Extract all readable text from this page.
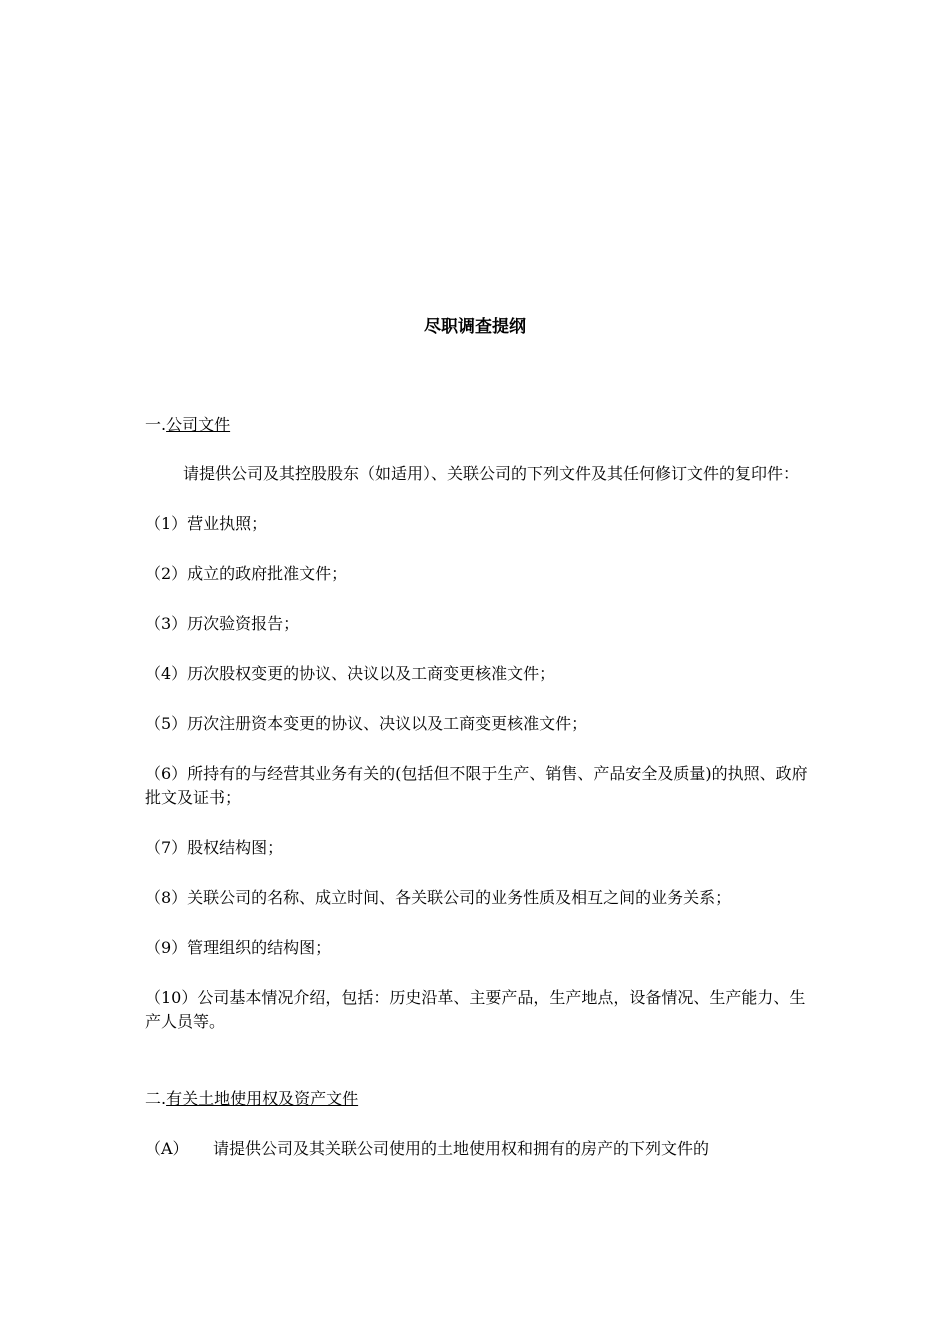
尽职调查提纲

一.公司文件

请提供公司及其控股股东（如适用）、关联公司的下列文件及其任何修订文件的复印件：

（1）营业执照；

（2）成立的政府批准文件；

（3）历次验资报告；

（4）历次股权变更的协议、决议以及工商变更核准文件；

（5）历次注册资本变更的协议、决议以及工商变更核准文件；

（6）所持有的与经营其业务有关的(包括但不限于生产、销售、产品安全及质量)的执照、政府批文及证书；

（7）股权结构图；

（8）关联公司的名称、成立时间、各关联公司的业务性质及相互之间的业务关系；

（9）管理组织的结构图；

（10）公司基本情况介绍，包括：历史沿革、主要产品，生产地点，设备情况、生产能力、生产人员等。

二.有关土地使用权及资产文件

（A） 请提供公司及其关联公司使用的土地使用权和拥有的房产的下列文件的
